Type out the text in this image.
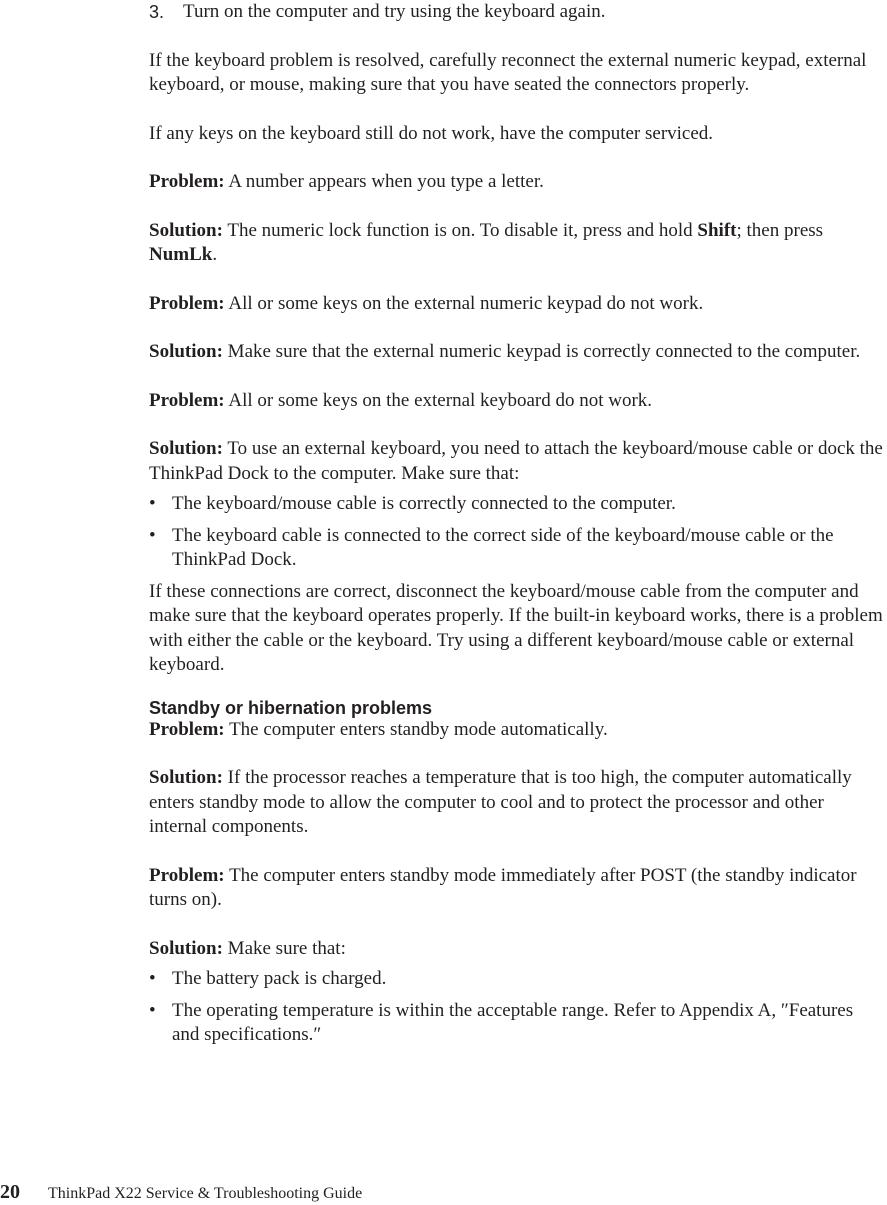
3. Turn on the computer and try using the keyboard again.

If the keyboard problem is resolved, carefully reconnect the external numeric keypad, external keyboard, or mouse, making sure that you have seated the connectors properly.

If any keys on the keyboard still do not work, have the computer serviced.

Problem: A number appears when you type a letter.

Solution: The numeric lock function is on. To disable it, press and hold Shift; then press NumLk.

Problem: All or some keys on the external numeric keypad do not work.

Solution: Make sure that the external numeric keypad is correctly connected to the computer.

Problem: All or some keys on the external keyboard do not work.

Solution: To use an external keyboard, you need to attach the keyboard/mouse cable or dock the ThinkPad Dock to the computer. Make sure that:

• The keyboard/mouse cable is correctly connected to the computer.
• The keyboard cable is connected to the correct side of the keyboard/mouse cable or the ThinkPad Dock.

If these connections are correct, disconnect the keyboard/mouse cable from the computer and make sure that the keyboard operates properly. If the built-in keyboard works, there is a problem with either the cable or the keyboard. Try using a different keyboard/mouse cable or external keyboard.

Standby or hibernation problems

Problem: The computer enters standby mode automatically.

Solution: If the processor reaches a temperature that is too high, the computer automatically enters standby mode to allow the computer to cool and to protect the processor and other internal components.

Problem: The computer enters standby mode immediately after POST (the standby indicator turns on).

Solution: Make sure that:

• The battery pack is charged.
• The operating temperature is within the acceptable range. Refer to Appendix A, ″Features and specifications.″
20 ThinkPad X22 Service & Troubleshooting Guide
